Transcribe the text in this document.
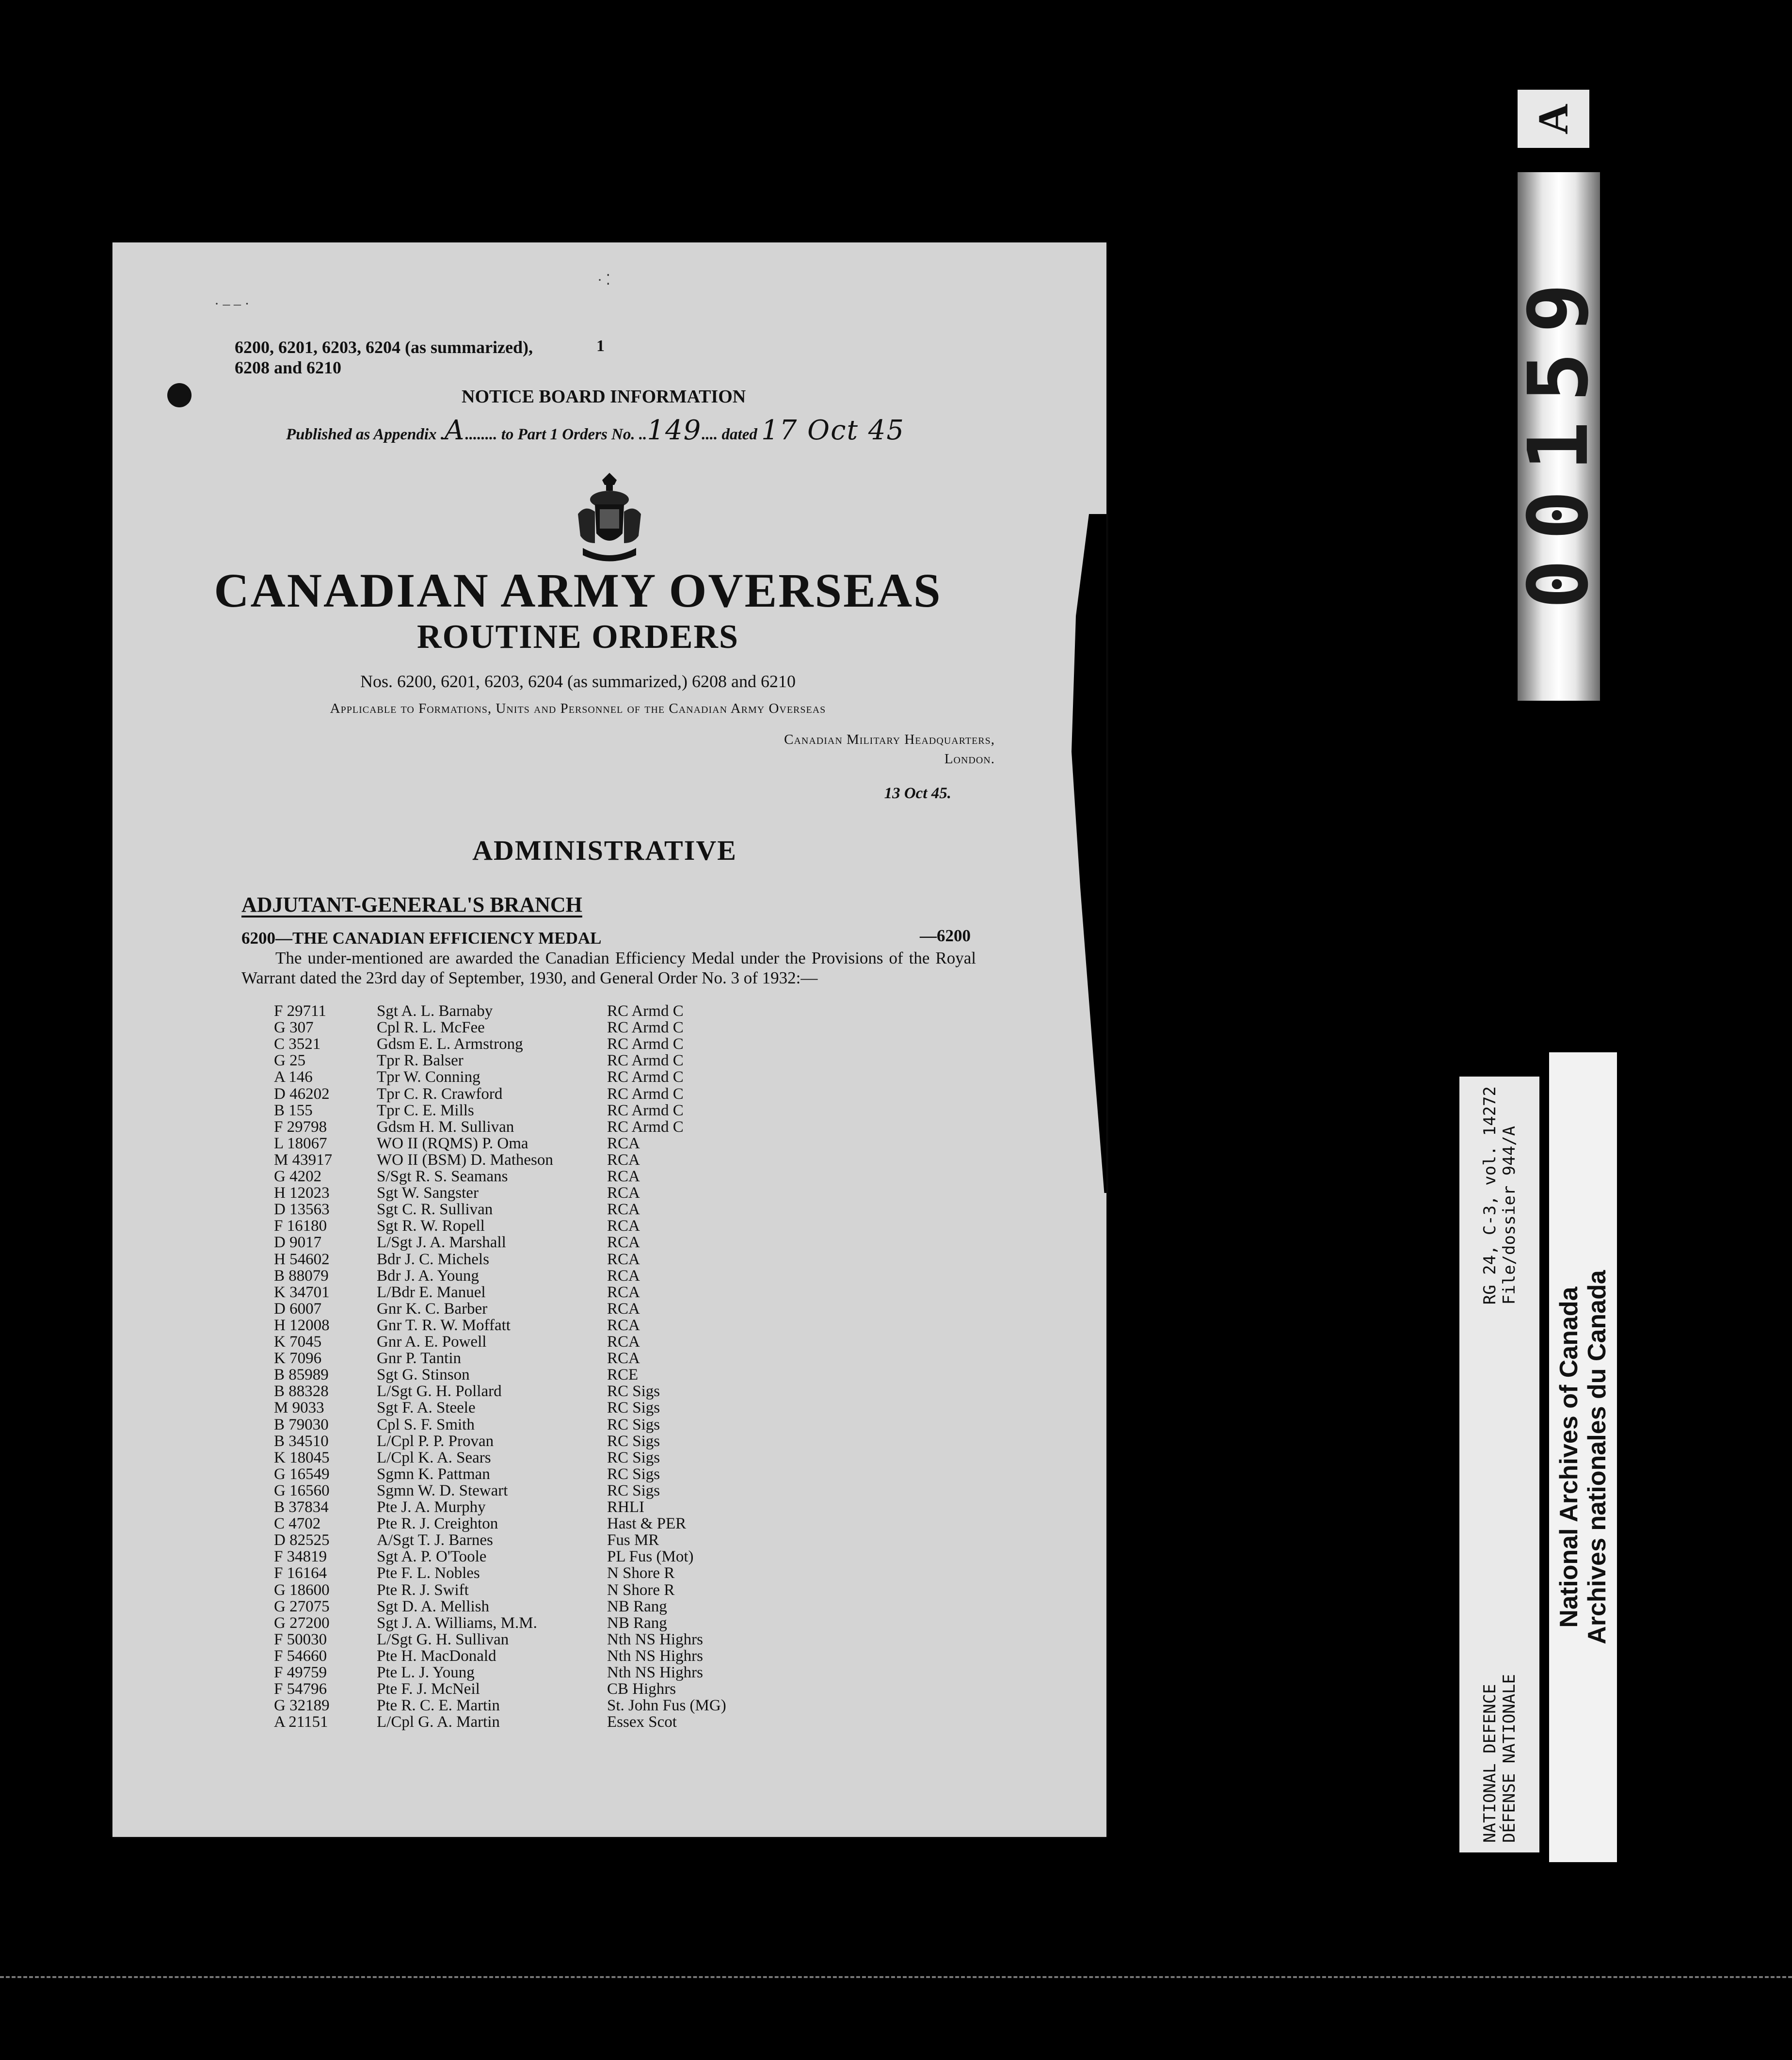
· ‒ ‒ ·
· ⁚
6200, 6201, 6203, 6204 (as summarized),
6208 and 6210
1
NOTICE BOARD INFORMATION
Published as Appendix .A........ to Part 1 Orders No. ..149.... dated 17 Oct 45
CANADIAN ARMY OVERSEAS
ROUTINE ORDERS
Nos. 6200, 6201, 6203, 6204 (as summarized,) 6208 and 6210
Applicable to Formations, Units and Personnel of the Canadian Army Overseas
Canadian Military Headquarters,
London.
13 Oct 45.
ADMINISTRATIVE
ADJUTANT-GENERAL'S BRANCH
6200—THE CANADIAN EFFICIENCY MEDAL	—6200
The under-mentioned are awarded the Canadian Efficiency Medal under the Provisions of the Royal Warrant dated the 23rd day of September, 1930, and General Order No. 3 of 1932:—
F 29711	Sgt A. L. Barnaby	RC Armd C
G 307	Cpl R. L. McFee	RC Armd C
C 3521	Gdsm E. L. Armstrong	RC Armd C
G 25	Tpr R. Balser	RC Armd C
A 146	Tpr W. Conning	RC Armd C
D 46202	Tpr C. R. Crawford	RC Armd C
B 155	Tpr C. E. Mills	RC Armd C
F 29798	Gdsm H. M. Sullivan	RC Armd C
L 18067	WO II (RQMS) P. Oma	RCA
M 43917	WO II (BSM) D. Matheson	RCA
G 4202	S/Sgt R. S. Seamans	RCA
H 12023	Sgt W. Sangster	RCA
D 13563	Sgt C. R. Sullivan	RCA
F 16180	Sgt R. W. Ropell	RCA
D 9017	L/Sgt J. A. Marshall	RCA
H 54602	Bdr J. C. Michels	RCA
B 88079	Bdr J. A. Young	RCA
K 34701	L/Bdr E. Manuel	RCA
D 6007	Gnr K. C. Barber	RCA
H 12008	Gnr T. R. W. Moffatt	RCA
K 7045	Gnr A. E. Powell	RCA
K 7096	Gnr P. Tantin	RCA
B 85989	Sgt G. Stinson	RCE
B 88328	L/Sgt G. H. Pollard	RC Sigs
M 9033	Sgt F. A. Steele	RC Sigs
B 79030	Cpl S. F. Smith	RC Sigs
B 34510	L/Cpl P. P. Provan	RC Sigs
K 18045	L/Cpl K. A. Sears	RC Sigs
G 16549	Sgmn K. Pattman	RC Sigs
G 16560	Sgmn W. D. Stewart	RC Sigs
B 37834	Pte J. A. Murphy	RHLI
C 4702	Pte R. J. Creighton	Hast & PER
D 82525	A/Sgt T. J. Barnes	Fus MR
F 34819	Sgt A. P. O'Toole	PL Fus (Mot)
F 16164	Pte F. L. Nobles	N Shore R
G 18600	Pte R. J. Swift	N Shore R
G 27075	Sgt D. A. Mellish	NB Rang
G 27200	Sgt J. A. Williams, M.M.	NB Rang
F 50030	L/Sgt G. H. Sullivan	Nth NS Highrs
F 54660	Pte H. MacDonald	Nth NS Highrs
F 49759	Pte L. J. Young	Nth NS Highrs
F 54796	Pte F. J. McNeil	CB Highrs
G 32189	Pte R. C. E. Martin	St. John Fus (MG)
A 21151	L/Cpl G. A. Martin	Essex Scot
A
00159
NATIONAL DEFENCE DÉFENSE NATIONALE
RG 24, C-3, vol. 14272 File/dossier 944/A
National Archives of Canada Archives nationales du Canada
